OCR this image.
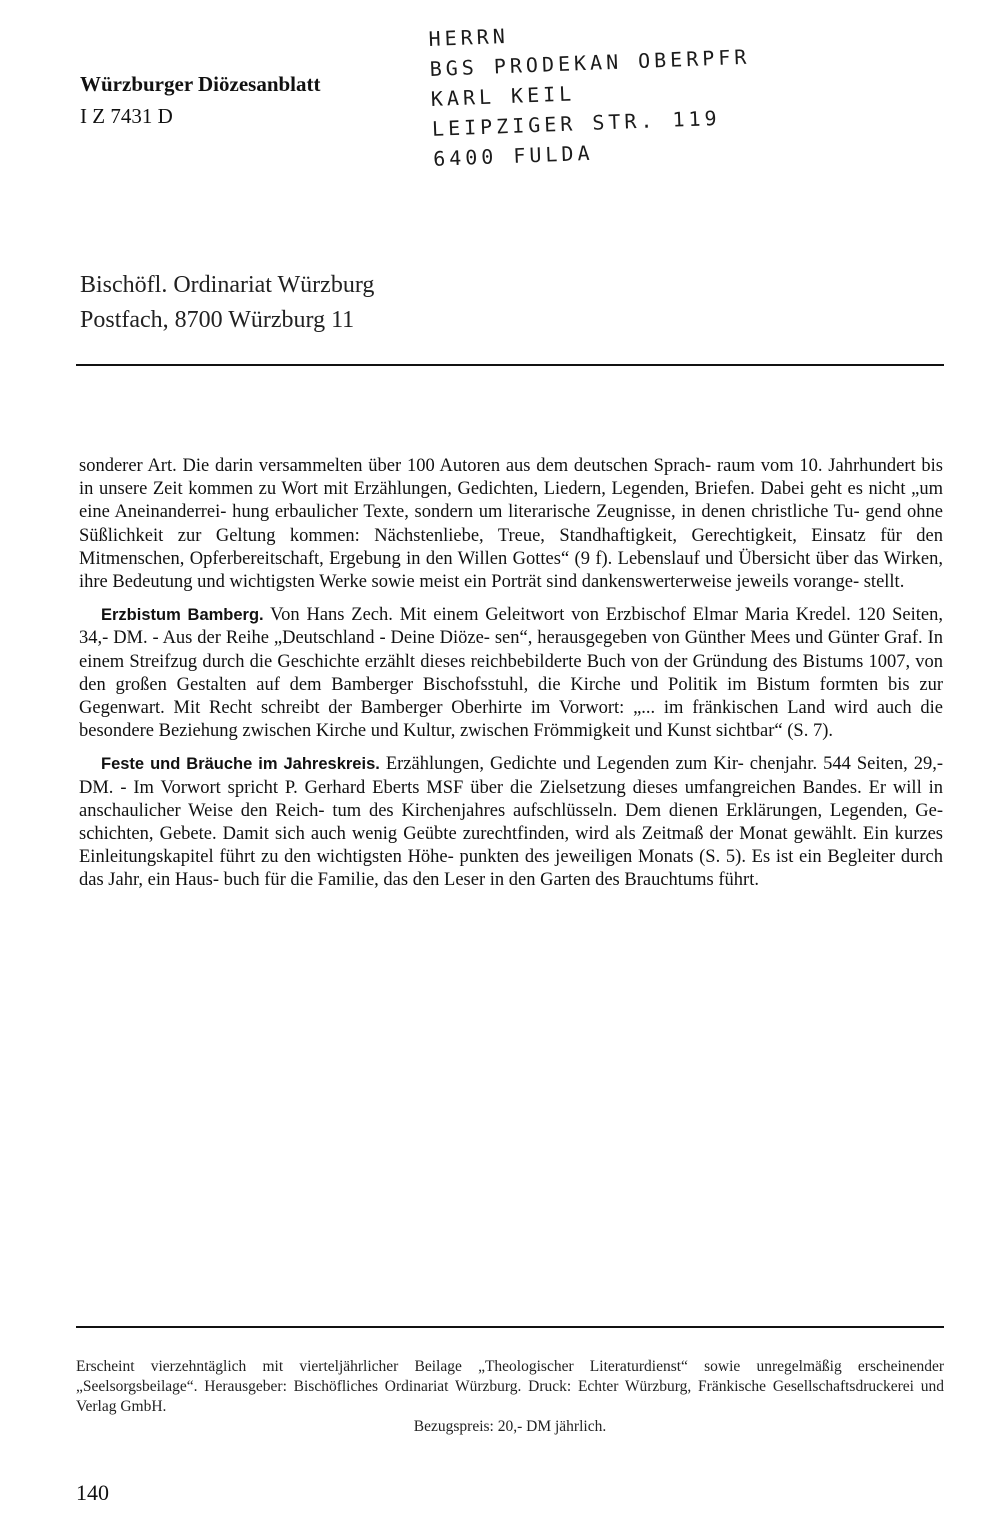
Würzburger Diözesanblatt
I Z 7431 D
HERRN
BGS PRODEKAN OBERPFR
KARL KEIL
LEIPZIGER STR. 119
6400 FULDA
Bischöfl. Ordinariat Würzburg
Postfach, 8700 Würzburg 11

sonderer Art. Die darin versammelten über 100 Autoren aus dem deutschen Sprach- raum vom 10. Jahrhundert bis in unsere Zeit kommen zu Wort mit Erzählungen, Gedichten, Liedern, Legenden, Briefen. Dabei geht es nicht „um eine Aneinanderrei- hung erbaulicher Texte, sondern um literarische Zeugnisse, in denen christliche Tu- gend ohne Süßlichkeit zur Geltung kommen: Nächstenliebe, Treue, Standhaftigkeit, Gerechtigkeit, Einsatz für den Mitmenschen, Opferbereitschaft, Ergebung in den Willen Gottes“ (9 f). Lebenslauf und Übersicht über das Wirken, ihre Bedeutung und wichtigsten Werke sowie meist ein Porträt sind dankenswerterweise jeweils vorange- stellt.

Erzbistum Bamberg. Von Hans Zech. Mit einem Geleitwort von Erzbischof Elmar Maria Kredel. 120 Seiten, 34,- DM. - Aus der Reihe „Deutschland - Deine Diöze- sen“, herausgegeben von Günther Mees und Günter Graf. In einem Streifzug durch die Geschichte erzählt dieses reichbebilderte Buch von der Gründung des Bistums 1007, von den großen Gestalten auf dem Bamberger Bischofsstuhl, die Kirche und Politik im Bistum formten bis zur Gegenwart. Mit Recht schreibt der Bamberger Oberhirte im Vorwort: „... im fränkischen Land wird auch die besondere Beziehung zwischen Kirche und Kultur, zwischen Frömmigkeit und Kunst sichtbar“ (S. 7).

Feste und Bräuche im Jahreskreis. Erzählungen, Gedichte und Legenden zum Kir- chenjahr. 544 Seiten, 29,- DM. - Im Vorwort spricht P. Gerhard Eberts MSF über die Zielsetzung dieses umfangreichen Bandes. Er will in anschaulicher Weise den Reich- tum des Kirchenjahres aufschlüsseln. Dem dienen Erklärungen, Legenden, Ge- schichten, Gebete. Damit sich auch wenig Geübte zurechtfinden, wird als Zeitmaß der Monat gewählt. Ein kurzes Einleitungskapitel führt zu den wichtigsten Höhe- punkten des jeweiligen Monats (S. 5). Es ist ein Begleiter durch das Jahr, ein Haus- buch für die Familie, das den Leser in den Garten des Brauchtums führt.

Erscheint vierzehntäglich mit vierteljährlicher Beilage „Theologischer Literaturdienst“ sowie unregelmäßig erscheinender „Seelsorgsbeilage“. Herausgeber: Bischöfliches Ordinariat Würzburg. Druck: Echter Würzburg, Fränkische Gesellschaftsdruckerei und Verlag GmbH.
Bezugspreis: 20,- DM jährlich.
140
